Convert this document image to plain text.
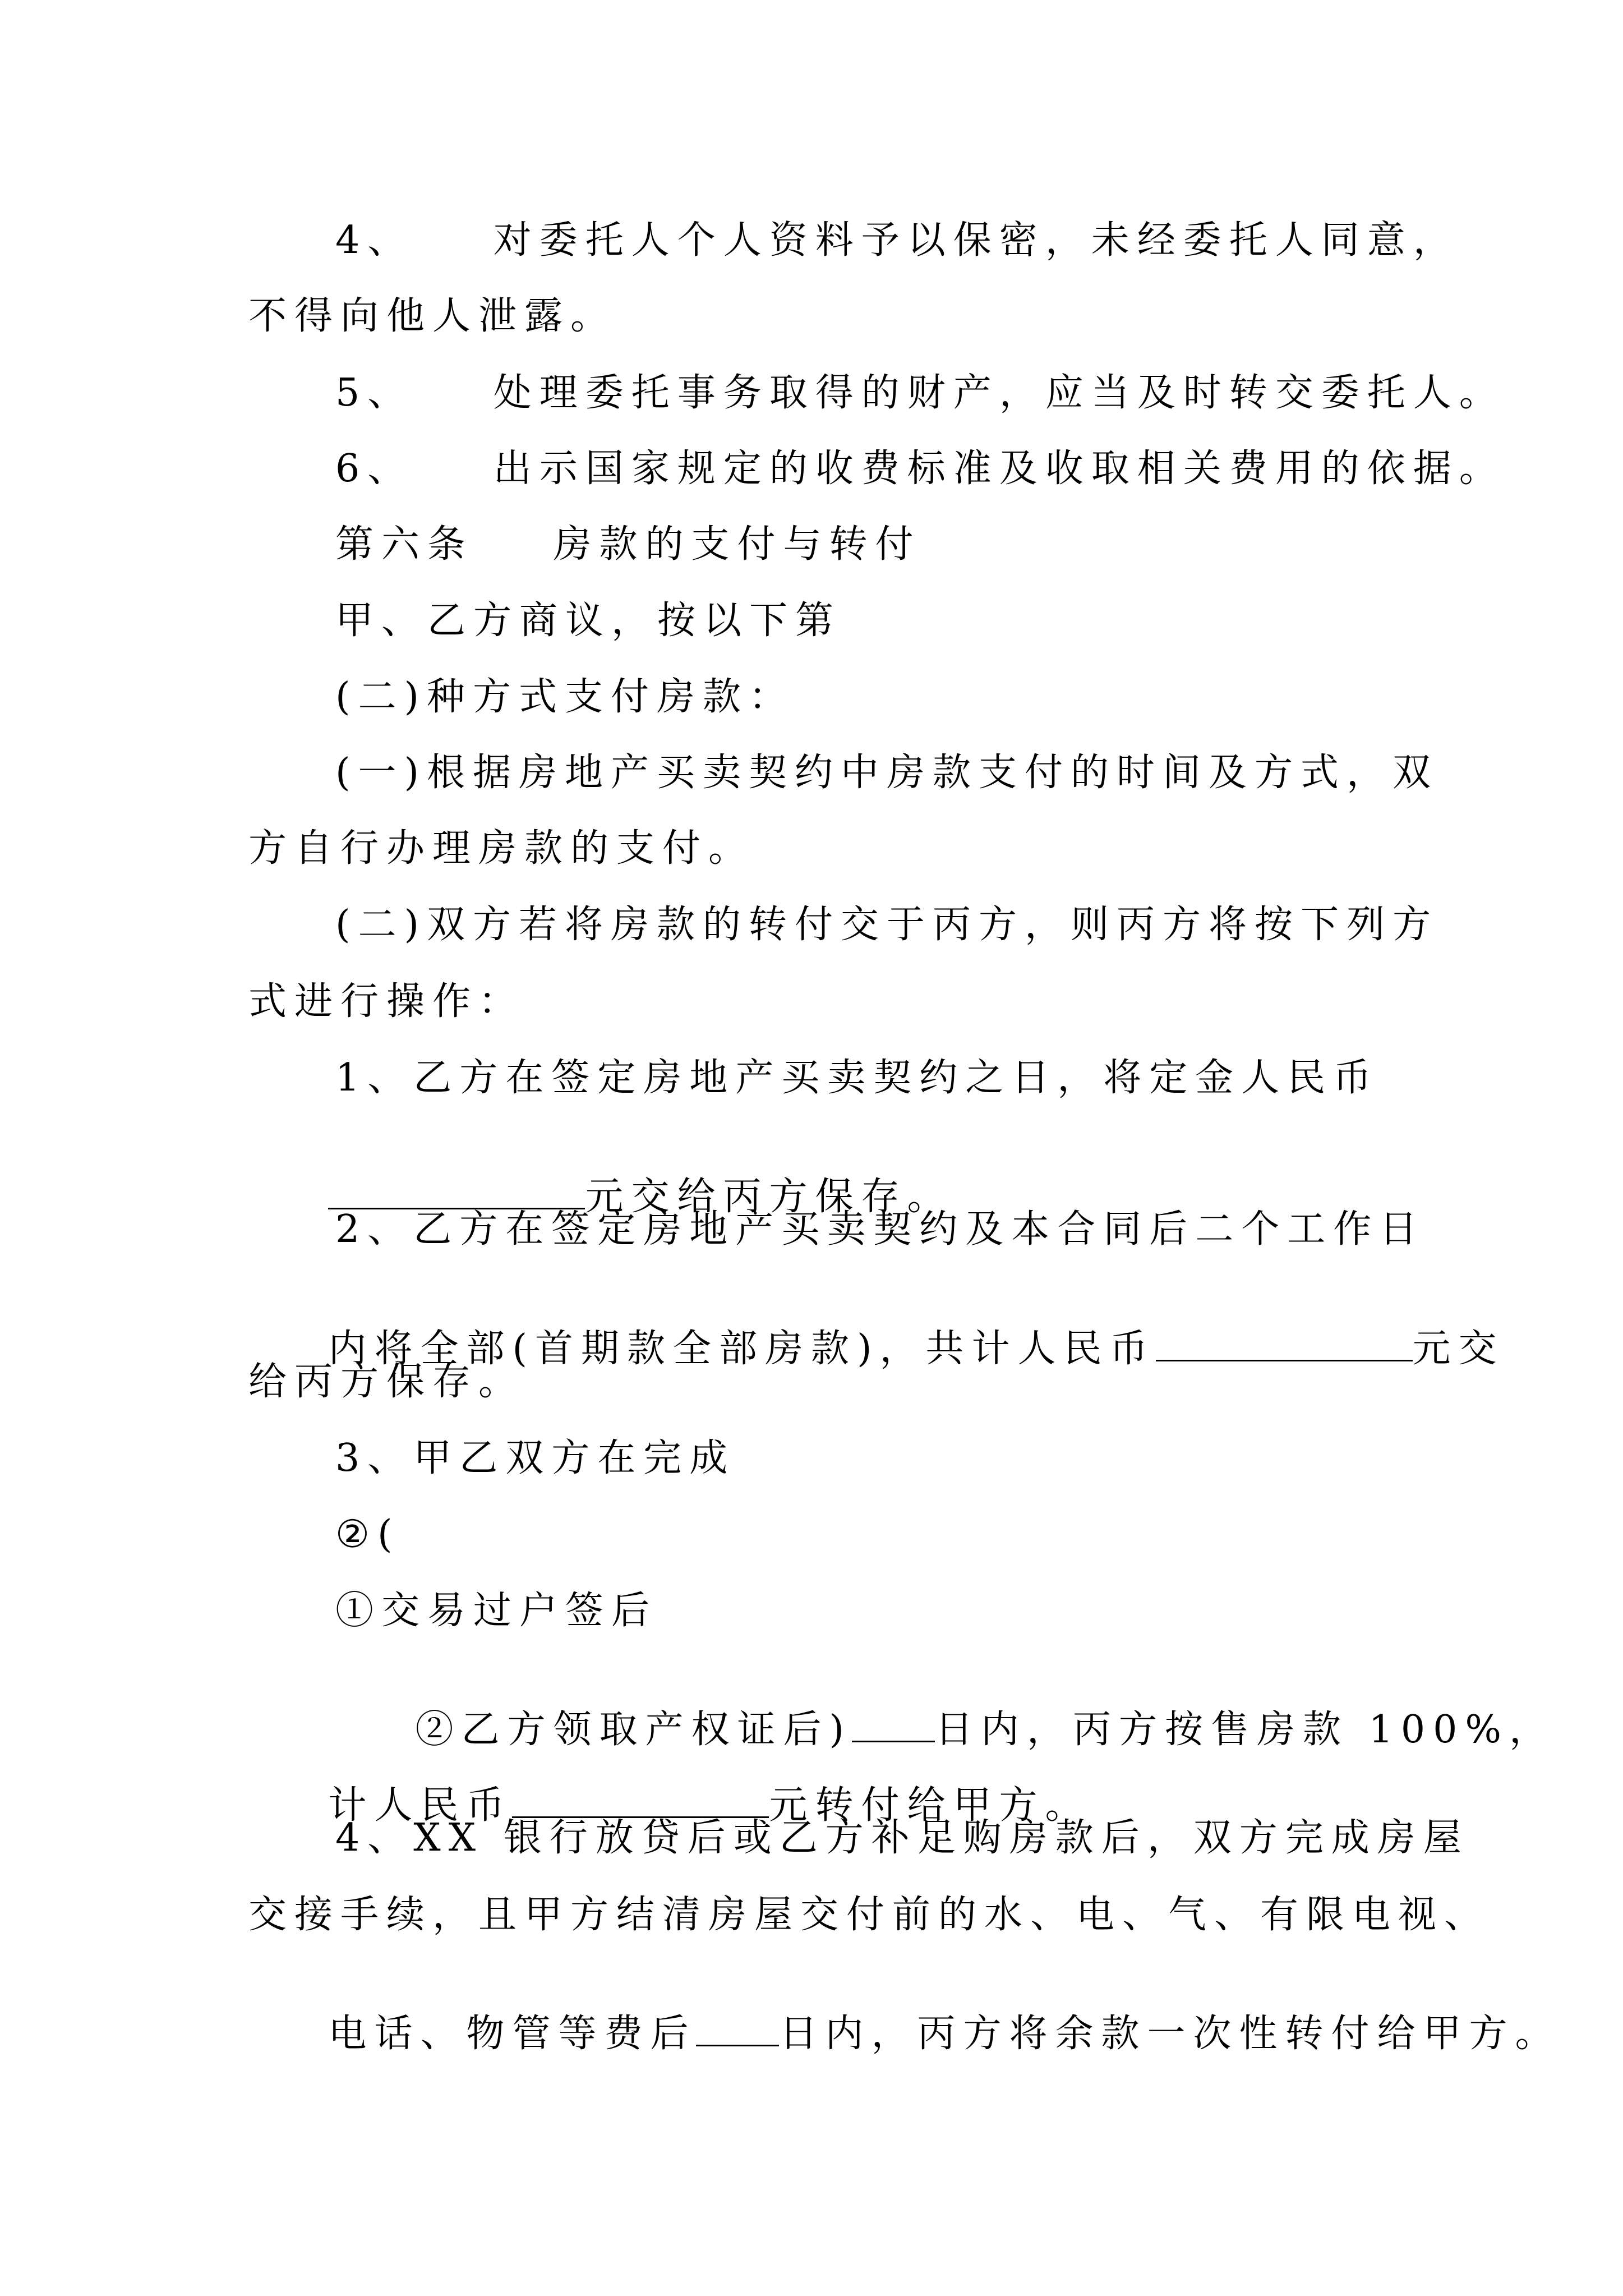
4、    对委托人个人资料予以保密，未经委托人同意，

不得向他人泄露。

5、    处理委托事务取得的财产，应当及时转交委托人。

6、    出示国家规定的收费标准及收取相关费用的依据。

第六条    房款的支付与转付

甲、乙方商议，按以下第

(二)种方式支付房款：

(一)根据房地产买卖契约中房款支付的时间及方式，双

方自行办理房款的支付。

(二)双方若将房款的转付交于丙方，则丙方将按下列方

式进行操作：

1、乙方在签定房地产买卖契约之日，将定金人民币

元交给丙方保存。

2、乙方在签定房地产买卖契约及本合同后二个工作日

内将全部(首期款全部房款)，共计人民币	元交

给丙方保存。

3、甲乙双方在完成

②(

①交易过户签后

②乙方领取产权证后) 日内，丙方按售房款 100%，

计人民币	元转付给甲方。

4、XX 银行放贷后或乙方补足购房款后，双方完成房屋

交接手续，且甲方结清房屋交付前的水、电、气、有限电视、

电话、物管等费后 日内，丙方将余款一次性转付给甲方。
